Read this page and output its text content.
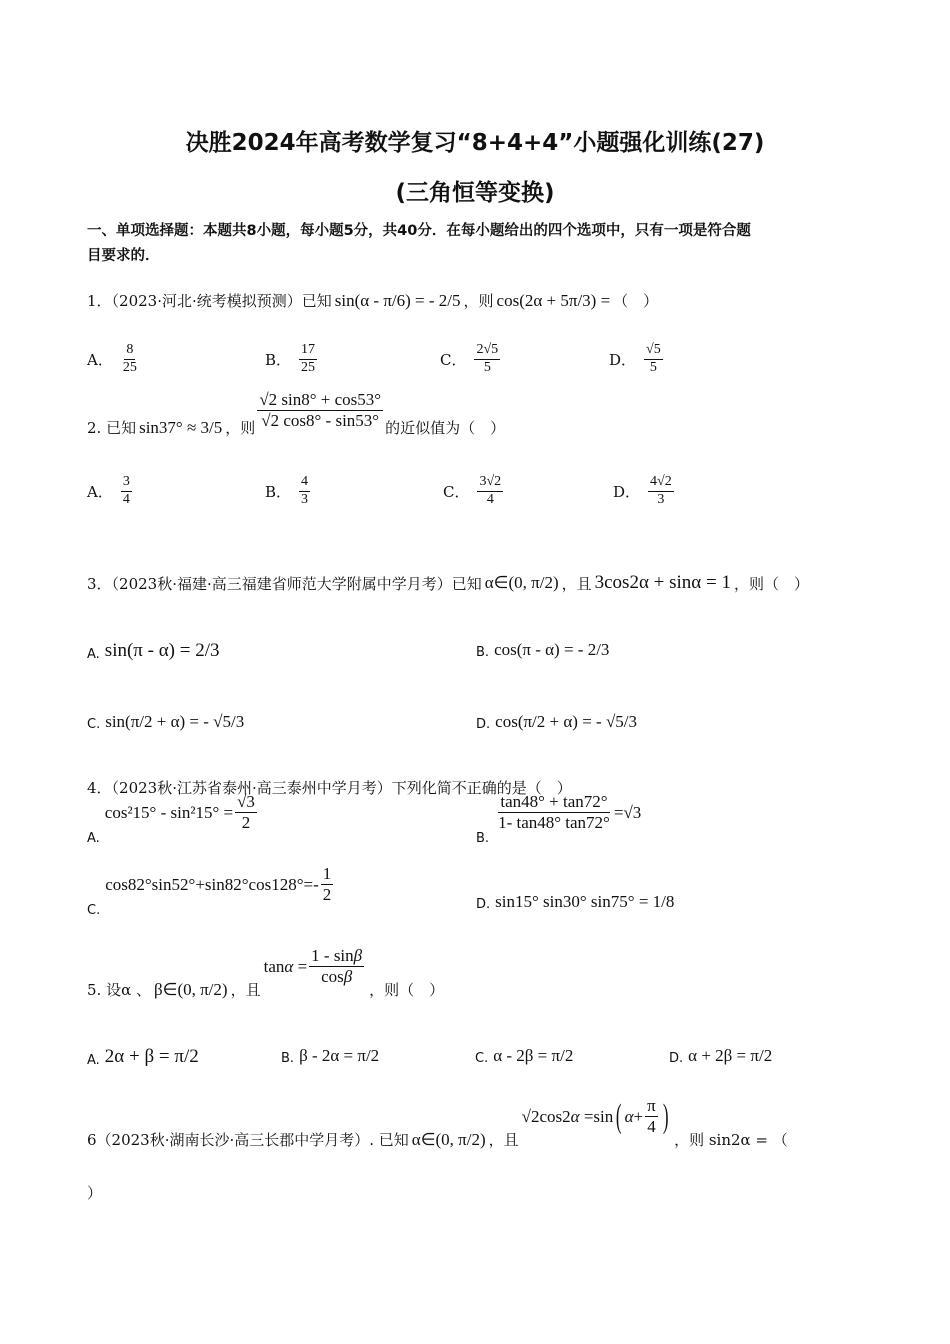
决胜2024年高考数学复习“8+4+4”小题强化训练(27)
(三角恒等变换)
一、单项选择题：本题共8小题，每小题5分，共40分．在每小题给出的四个选项中，只有一项是符合题
目要求的．
1．（2023·河北·统考模拟预测）已知 sin(α - π/6) = - 2/5 ，则 cos(2α + 5π/3) = （　）
A． $\frac{8}{25}$	B． $\frac{17}{25}$	C． $\frac{2√5}{5}$	D． $\frac{√5}{5}$
2. 已知 sin37° ≈ 3/5 ，则 $\frac{√2 \sin 8^\circ + \cos 53^\circ}{√2 \cos 8^\circ - \sin 53^\circ}$ 的近似值为（　）
A． $\frac{3}{4}$	B． $\frac{4}{3}$	C． $\frac{3√2}{4}$	D． $\frac{4√2}{3}$
3．（2023秋·福建·高三福建省师范大学附属中学月考）已知 α∈(0, π/2) ，且 3cos2α + sinα = 1 ，则（　）
A. sin(π - α) = 2/3	B. cos(π - α) = - 2/3
C. sin(π/2 + α) = - √5/3	D. cos(π/2 + α) = - √5/3
4．（2023秋·江苏省泰州·高三泰州中学月考）下列化简不正确的是（　）
A.
$\cos^215^\circ - \sin^215^\circ = \frac{√3}{2}$
B.
$\frac{\tan 48^\circ + \tan 72^\circ}{1- \tan 48^\circ \tan 72^\circ} =√3$
C.
$\cos 82^\circ\sin 52^\circ+\sin 82^\circ\cos 128^\circ=- \frac{1}{2}$	D. sin15° sin30° sin75° = 1/8
5. 设α 、 β∈(0, π/2) ，且
$\tan \alpha = \frac{1 - \sin\beta}{\cos\beta}$
，则（　）
A. 2α + β = π/2	B. β - 2α = π/2	C. α - 2β = π/2	D. α + 2β = π/2
6（2023秋·湖南长沙·高三长郡中学月考）. 已知 α∈(0, π/2) ，且
√2cos2 α =sin ( $\alpha + \frac{\pi}{4}$ )
，则 sin2α = （
）
